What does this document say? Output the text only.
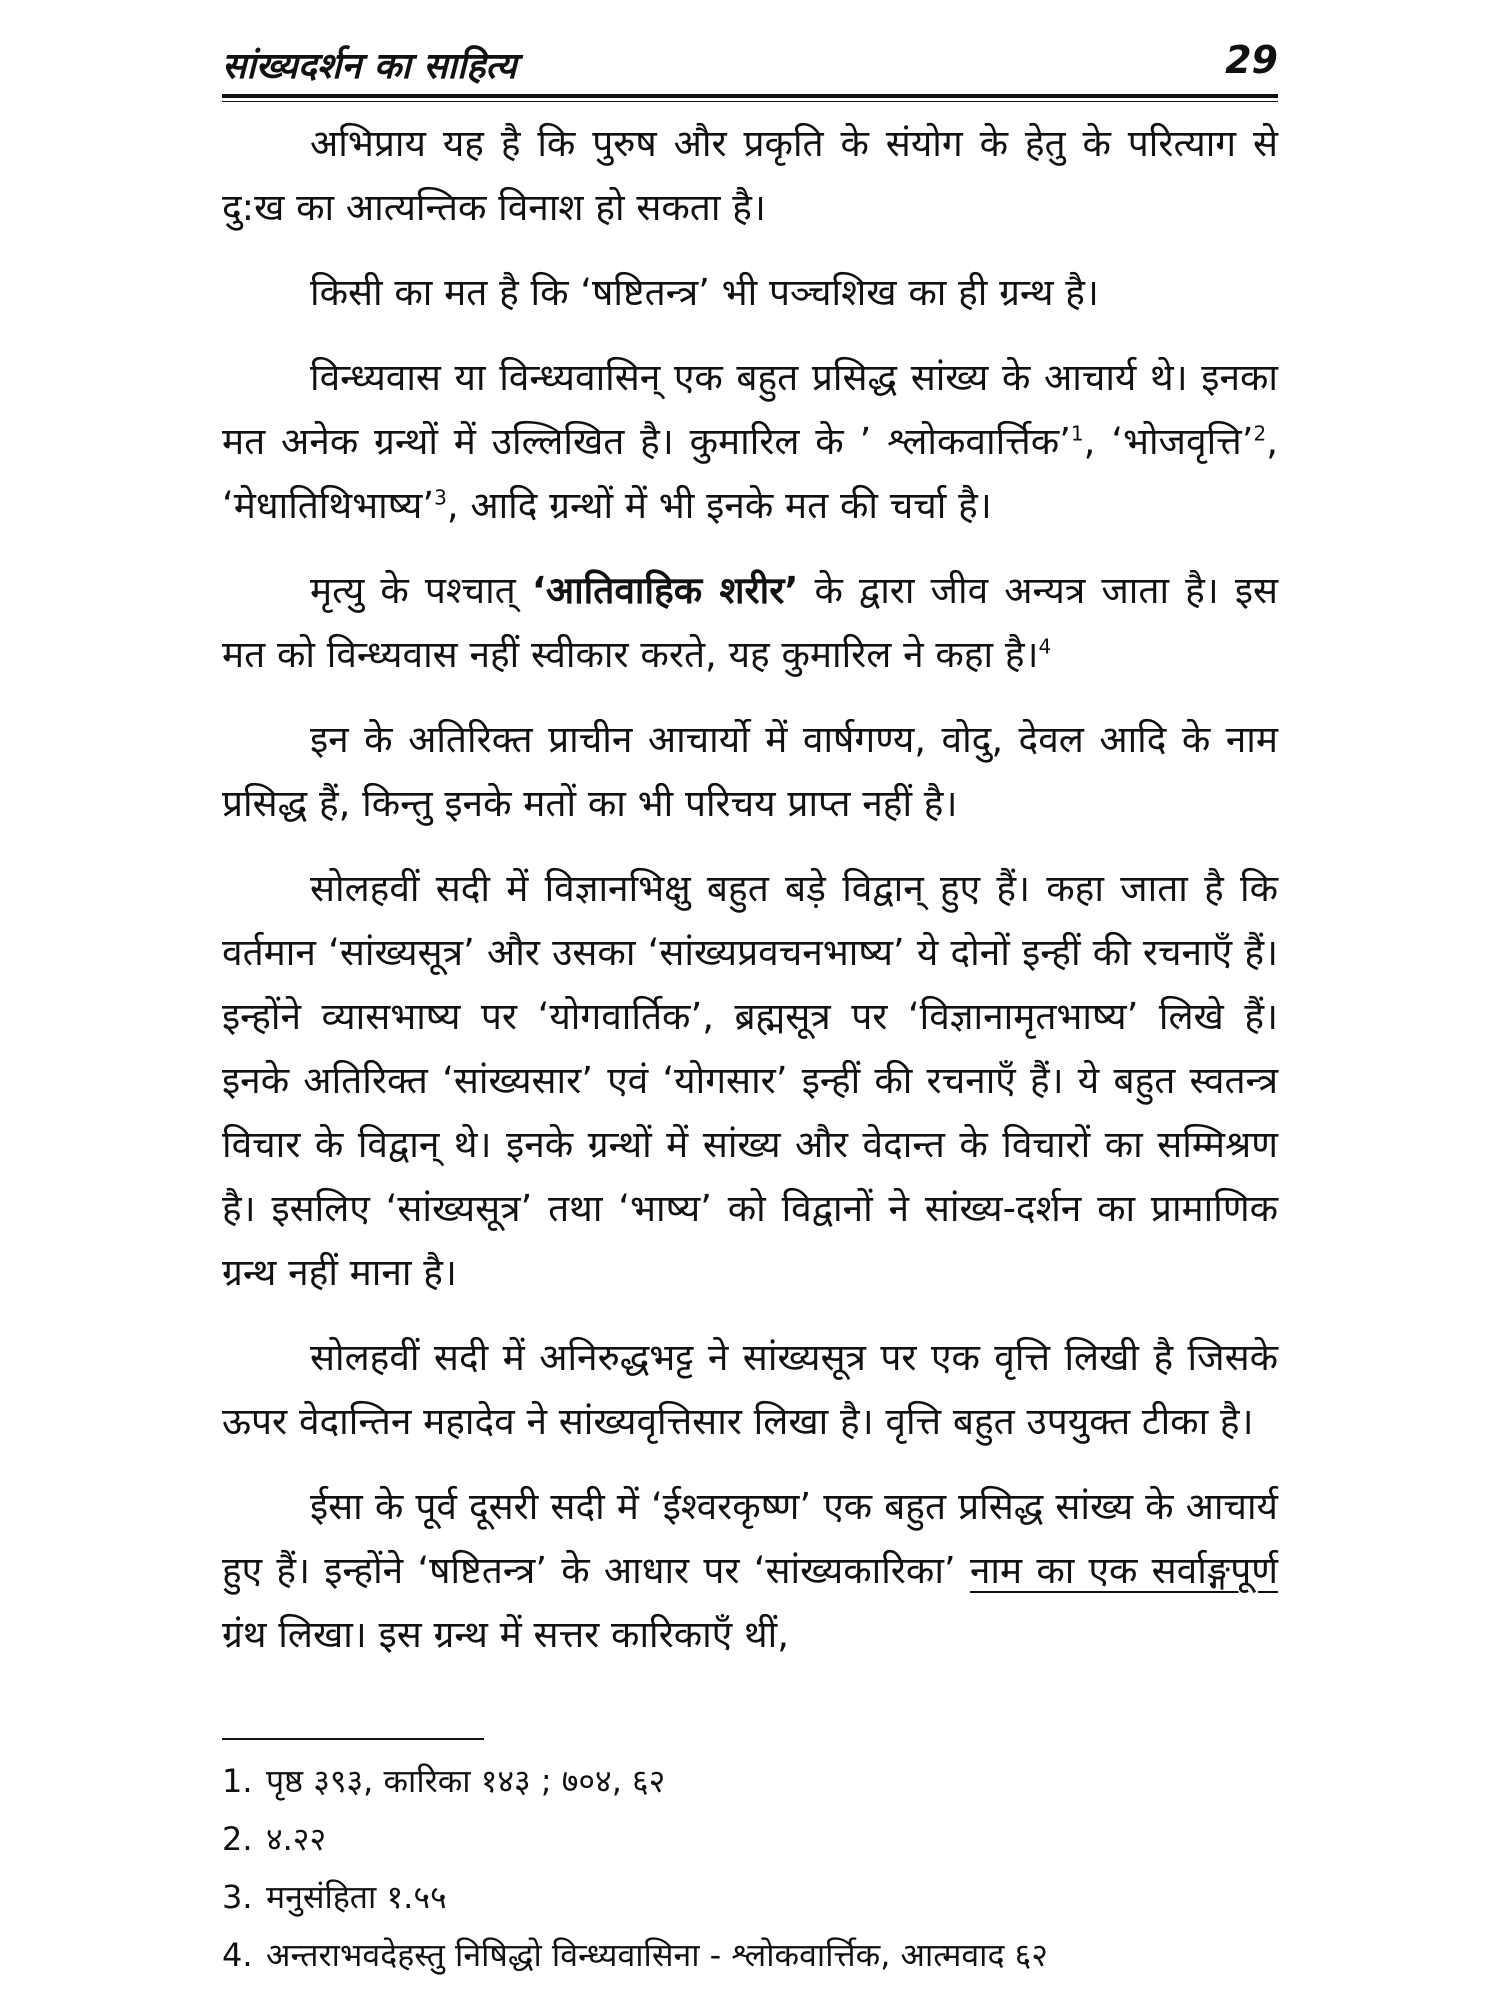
सांख्यदर्शन का साहित्य	29

अभिप्राय यह है कि पुरुष और प्रकृति के संयोग के हेतु के परित्याग से दु:ख का आत्यन्तिक विनाश हो सकता है।

किसी का मत है कि ‘षष्टितन्त्र’ भी पञ्चशिख का ही ग्रन्थ है।

विन्ध्यवास या विन्ध्यवासिन् एक बहुत प्रसिद्ध सांख्य के आचार्य थे। इनका मत अनेक ग्रन्थों में उल्लिखित है। कुमारिल के ’ श्लोकवार्त्तिक’$^1$, ‘भोजवृत्ति’$^2$, ‘मेधातिथिभाष्य’$^3$, आदि ग्रन्थों में भी इनके मत की चर्चा है।

मृत्यु के पश्चात् ‘आतिवाहिक शरीर’ के द्वारा जीव अन्यत्र जाता है। इस मत को विन्ध्यवास नहीं स्वीकार करते, यह कुमारिल ने कहा है।$^4$

इन के अतिरिक्त प्राचीन आचार्यो में वार्षगण्य, वोदु, देवल आदि के नाम प्रसिद्ध हैं, किन्तु इनके मतों का भी परिचय प्राप्त नहीं है।

सोलहवीं सदी में विज्ञानभिक्षु बहुत बड़े विद्वान् हुए हैं। कहा जाता है कि वर्तमान ‘सांख्यसूत्र’ और उसका ‘सांख्यप्रवचनभाष्य’ ये दोनों इन्हीं की रचनाएँ हैं। इन्होंने व्यासभाष्य पर ‘योगवार्तिक’, ब्रह्मसूत्र पर ‘विज्ञानामृतभाष्य’ लिखे हैं। इनके अतिरिक्त ‘सांख्यसार’ एवं ‘योगसार’ इन्हीं की रचनाएँ हैं। ये बहुत स्वतन्त्र विचार के विद्वान् थे। इनके ग्रन्थों में सांख्य और वेदान्त के विचारों का सम्मिश्रण है। इसलिए ‘सांख्यसूत्र’ तथा ‘भाष्य’ को विद्वानों ने सांख्य-दर्शन का प्रामाणिक ग्रन्थ नहीं माना है।

सोलहवीं सदी में अनिरुद्धभट्ट ने सांख्यसूत्र पर एक वृत्ति लिखी है जिसके ऊपर वेदान्तिन महादेव ने सांख्यवृत्तिसार लिखा है। वृत्ति बहुत उपयुक्त टीका है।

ईसा के पूर्व दूसरी सदी में ‘ईश्वरकृष्ण’ एक बहुत प्रसिद्ध सांख्य के आचार्य हुए हैं। इन्होंने ‘षष्टितन्त्र’ के आधार पर ‘सांख्यकारिका’ नाम का एक सर्वाङ्गपूर्ण ग्रंथ लिखा। इस ग्रन्थ में सत्तर कारिकाएँ थीं,

1. पृष्ठ ३९३, कारिका १४३ ; ७०४, ६२
2. ४.२२
3. मनुसंहिता १.५५
4. अन्तराभवदेहस्तु निषिद्धो विन्ध्यवासिना - श्लोकवार्त्तिक, आत्मवाद ६२
